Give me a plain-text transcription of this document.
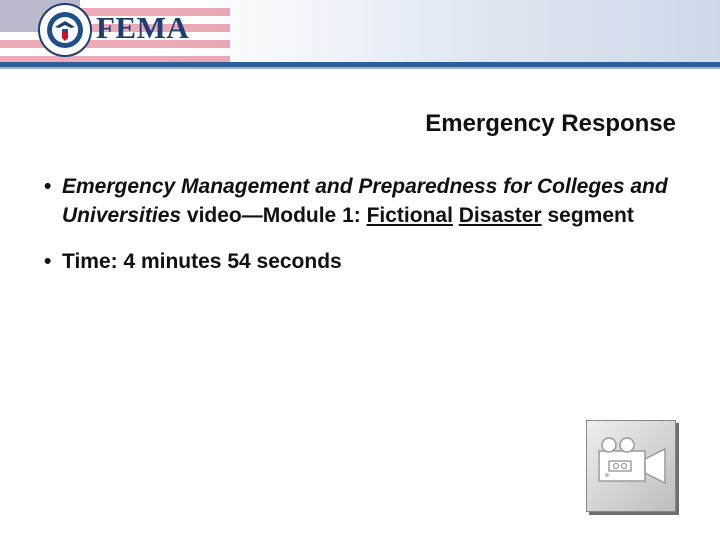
FEMA
Emergency Response
• Emergency Management and Preparedness for Colleges and Universities video—Module 1: Fictional Disaster segment
• Time: 4 minutes 54 seconds
